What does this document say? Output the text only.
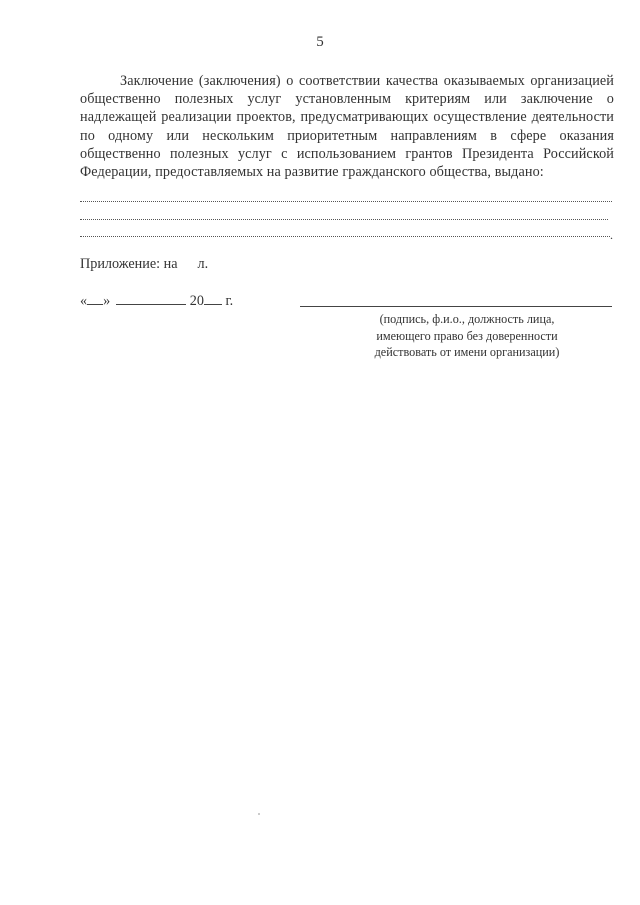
5

Заключение (заключения) о соответствии качества оказываемых организацией общественно полезных услуг установленным критериям или заключение о надлежащей реализации проектов, предусматривающих осуществление деятельности по одному или нескольким приоритетным направлениям в сфере оказания общественно полезных услуг с использованием грантов Президента Российской Федерации, предоставляемых на развитие гражданского общества, выдано:

.
Приложение: на л.
« »	20 г.
(подпись, ф.и.о., должность лица, имеющего право без доверенности действовать от имени организации)
